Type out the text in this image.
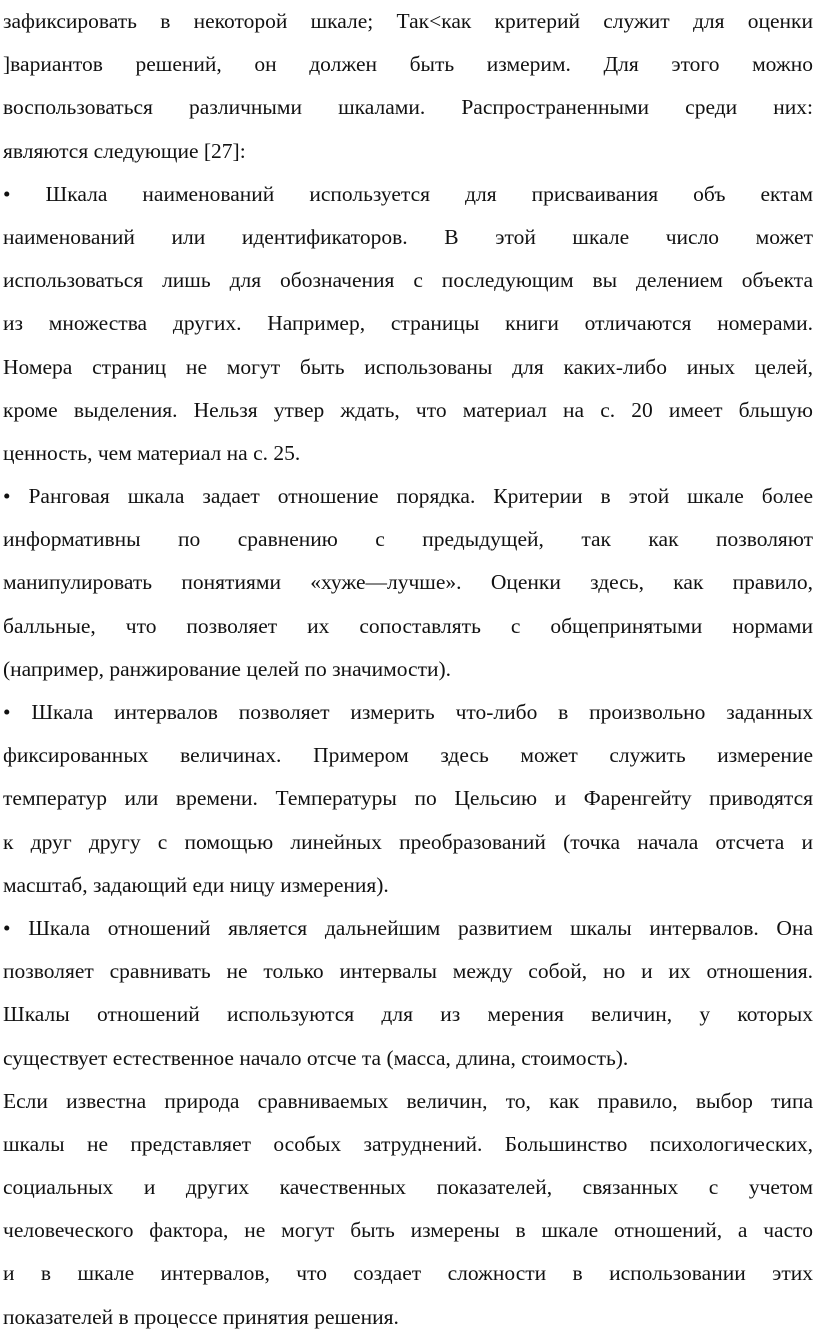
зафиксировать в некоторой шкале; Так<как критерий служит для оценки
]вариантов решений, он должен быть измерим. Для этого можно
воспользоваться различными шкалами. Распространенными среди них:
являются следующие [27]:
• Шкала наименований используется для присваивания объ ектам
наименований или идентификаторов. В этой шкале число может
использоваться лишь для обозначения с последующим вы делением объекта
из множества других. Например, страницы книги отличаются номерами.
Номера страниц не могут быть использованы для каких-либо иных целей,
кроме выделения. Нельзя утвер ждать, что материал на с. 20 имеет бльшую
ценность, чем материал на с. 25.
• Ранговая шкала задает отношение порядка. Критерии в этой шкале более
информативны по сравнению с предыдущей, так как позволяют
манипулировать понятиями «хуже—лучше». Оценки здесь, как правило,
балльные, что позволяет их сопоставлять с общепринятыми нормами
(например, ранжирование целей по значимости).
• Шкала интервалов позволяет измерить что-либо в произвольно заданных
фиксированных величинах. Примером здесь может служить измерение
температур или времени. Температуры по Цельсию и Фаренгейту приводятся
к друг другу с помощью линейных преобразований (точка начала отсчета и
масштаб, задающий еди ницу измерения).
• Шкала отношений является дальнейшим развитием шкалы интервалов. Она
позволяет сравнивать не только интервалы между собой, но и их отношения.
Шкалы отношений используются для из мерения величин, у которых
существует естественное начало отсче та (масса, длина, стоимость).
Если известна природа сравниваемых величин, то, как правило, выбор типа
шкалы не представляет особых затруднений. Большинство психологических,
социальных и других качественных показателей, связанных с учетом
человеческого фактора, не могут быть измерены в шкале отношений, а часто
и в шкале интервалов, что создает сложности в использовании этих
показателей в процессе принятия решения.
